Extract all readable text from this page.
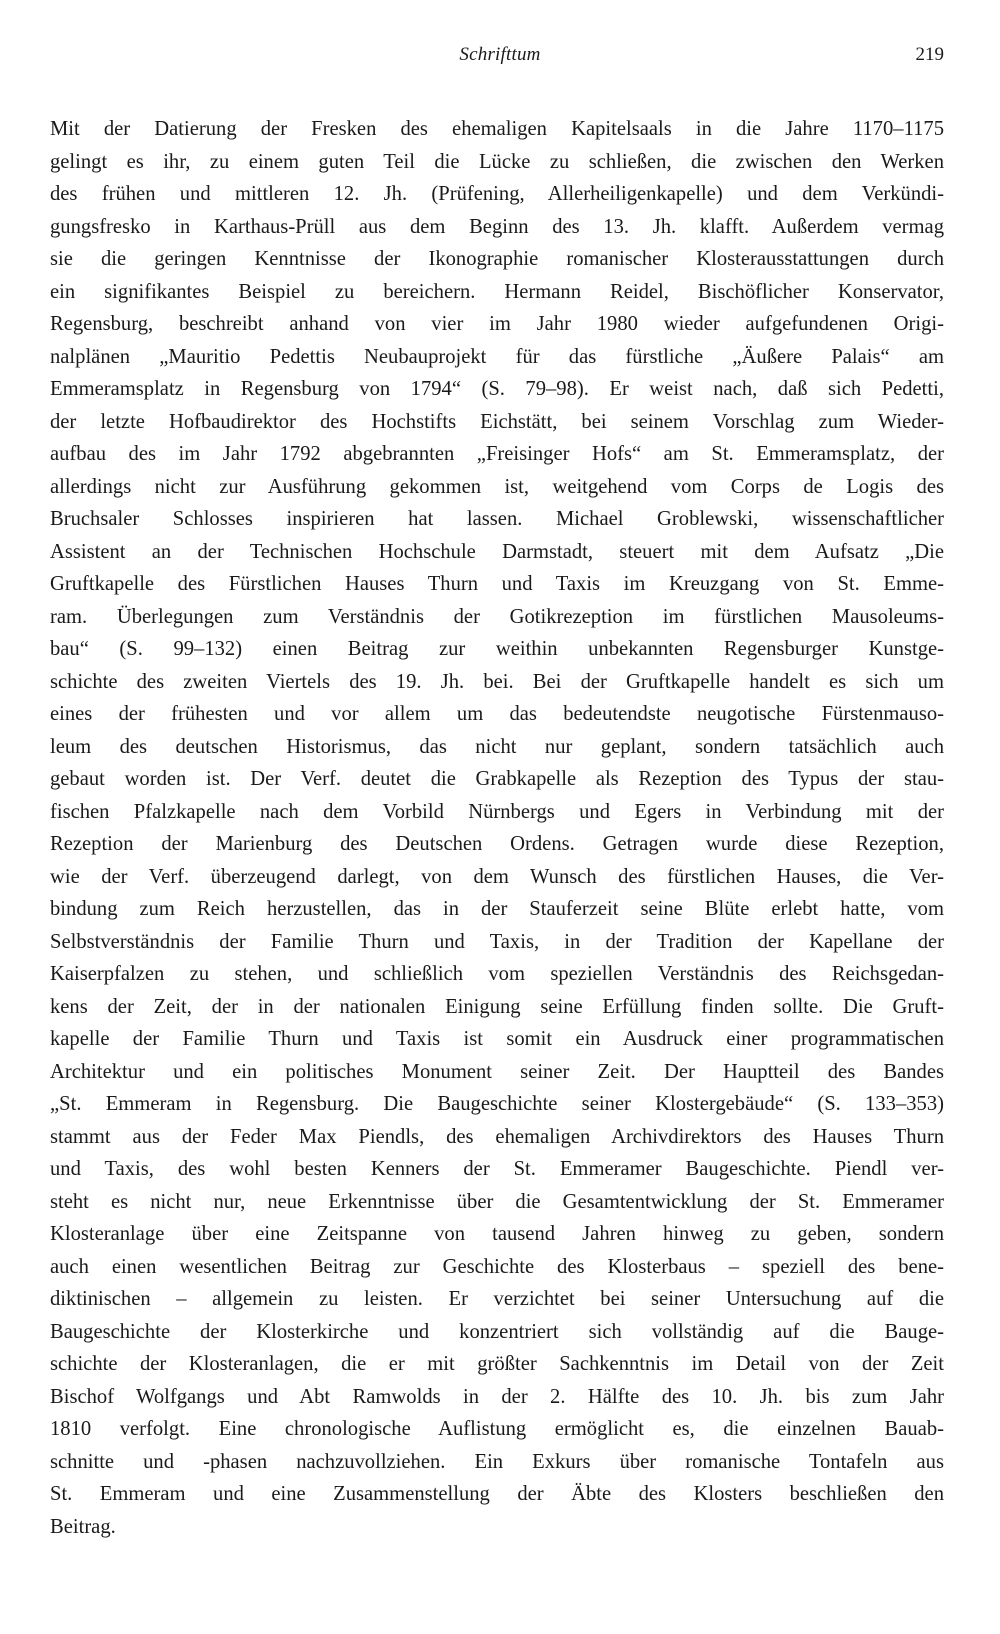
Schrifttum	219
Mit der Datierung der Fresken des ehemaligen Kapitelsaals in die Jahre 1170–1175
gelingt es ihr, zu einem guten Teil die Lücke zu schließen, die zwischen den Werken
des frühen und mittleren 12. Jh. (Prüfening, Allerheiligenkapelle) und dem Verkündi-
gungsfresko in Karthaus-Prüll aus dem Beginn des 13. Jh. klafft. Außerdem vermag
sie die geringen Kenntnisse der Ikonographie romanischer Klosterausstattungen durch
ein signifikantes Beispiel zu bereichern. Hermann Reidel, Bischöflicher Konservator,
Regensburg, beschreibt anhand von vier im Jahr 1980 wieder aufgefundenen Origi-
nalplänen „Mauritio Pedettis Neubauprojekt für das fürstliche „Äußere Palais“ am
Emmeramsplatz in Regensburg von 1794“ (S. 79–98). Er weist nach, daß sich Pedetti,
der letzte Hofbaudirektor des Hochstifts Eichstätt, bei seinem Vorschlag zum Wieder-
aufbau des im Jahr 1792 abgebrannten „Freisinger Hofs“ am St. Emmeramsplatz, der
allerdings nicht zur Ausführung gekommen ist, weitgehend vom Corps de Logis des
Bruchsaler Schlosses inspirieren hat lassen. Michael Groblewski, wissenschaftlicher
Assistent an der Technischen Hochschule Darmstadt, steuert mit dem Aufsatz „Die
Gruftkapelle des Fürstlichen Hauses Thurn und Taxis im Kreuzgang von St. Emme-
ram. Überlegungen zum Verständnis der Gotikrezeption im fürstlichen Mausoleums-
bau“ (S. 99–132) einen Beitrag zur weithin unbekannten Regensburger Kunstge-
schichte des zweiten Viertels des 19. Jh. bei. Bei der Gruftkapelle handelt es sich um
eines der frühesten und vor allem um das bedeutendste neugotische Fürstenmauso-
leum des deutschen Historismus, das nicht nur geplant, sondern tatsächlich auch
gebaut worden ist. Der Verf. deutet die Grabkapelle als Rezeption des Typus der stau-
fischen Pfalzkapelle nach dem Vorbild Nürnbergs und Egers in Verbindung mit der
Rezeption der Marienburg des Deutschen Ordens. Getragen wurde diese Rezeption,
wie der Verf. überzeugend darlegt, von dem Wunsch des fürstlichen Hauses, die Ver-
bindung zum Reich herzustellen, das in der Stauferzeit seine Blüte erlebt hatte, vom
Selbstverständnis der Familie Thurn und Taxis, in der Tradition der Kapellane der
Kaiserpfalzen zu stehen, und schließlich vom speziellen Verständnis des Reichsgedan-
kens der Zeit, der in der nationalen Einigung seine Erfüllung finden sollte. Die Gruft-
kapelle der Familie Thurn und Taxis ist somit ein Ausdruck einer programmatischen
Architektur und ein politisches Monument seiner Zeit. Der Hauptteil des Bandes
„St. Emmeram in Regensburg. Die Baugeschichte seiner Klostergebäude“ (S. 133–353)
stammt aus der Feder Max Piendls, des ehemaligen Archivdirektors des Hauses Thurn
und Taxis, des wohl besten Kenners der St. Emmeramer Baugeschichte. Piendl ver-
steht es nicht nur, neue Erkenntnisse über die Gesamtentwicklung der St. Emmeramer
Klosteranlage über eine Zeitspanne von tausend Jahren hinweg zu geben, sondern
auch einen wesentlichen Beitrag zur Geschichte des Klosterbaus – speziell des bene-
diktinischen – allgemein zu leisten. Er verzichtet bei seiner Untersuchung auf die
Baugeschichte der Klosterkirche und konzentriert sich vollständig auf die Bauge-
schichte der Klosteranlagen, die er mit größter Sachkenntnis im Detail von der Zeit
Bischof Wolfgangs und Abt Ramwolds in der 2. Hälfte des 10. Jh. bis zum Jahr
1810 verfolgt. Eine chronologische Auflistung ermöglicht es, die einzelnen Bauab-
schnitte und -phasen nachzuvollziehen. Ein Exkurs über romanische Tontafeln aus
St. Emmeram und eine Zusammenstellung der Äbte des Klosters beschließen den
Beitrag.
